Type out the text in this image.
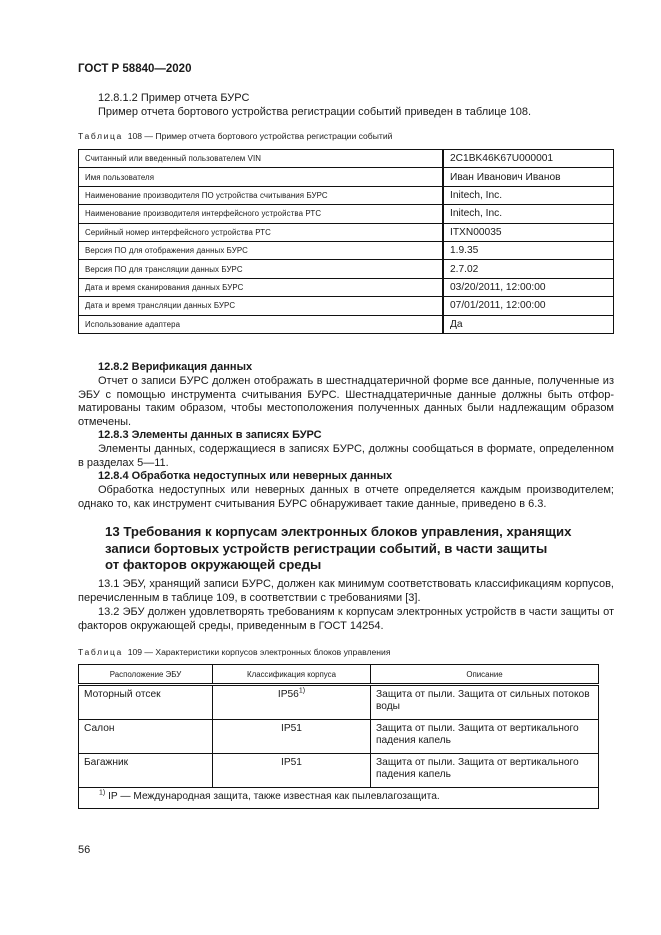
ГОСТ Р 58840—2020
12.8.1.2 Пример отчета БУРС
Пример отчета бортового устройства регистрации событий приведен в таблице 108.
Таблица 108 — Пример отчета бортового устройства регистрации событий
Считанный или введенный пользователем VIN	2C1BK46K67U000001
Имя пользователя	Иван Иванович Иванов
Наименование производителя ПО устройства считывания БУРС	Initech, Inc.
Наименование производителя интерфейсного устройства РТС	Initech, Inc.
Серийный номер интерфейсного устройства РТС	ITXN00035
Версия ПО для отображения данных БУРС	1.9.35
Версия ПО для трансляции данных БУРС	2.7.02
Дата и время сканирования данных БУРС	03/20/2011, 12:00:00
Дата и время трансляции данных БУРС	07/01/2011, 12:00:00
Использование адаптера	Да
12.8.2 Верификация данных
Отчет о записи БУРС должен отображать в шестнадцатеричной форме все данные, полученные из ЭБУ с помощью инструмента считывания БУРС. Шестнадцатеричные данные должны быть отформатированы таким образом, чтобы местоположения полученных данных были надлежащим образом отмечены.
12.8.3 Элементы данных в записях БУРС
Элементы данных, содержащиеся в записях БУРС, должны сообщаться в формате, определенном в разделах 5—11.
12.8.4 Обработка недоступных или неверных данных
Обработка недоступных или неверных данных в отчете определяется каждым производителем; однако то, как инструмент считывания БУРС обнаруживает такие данные, приведено в 6.3.
13 Требования к корпусам электронных блоков управления, хранящих
записи бортовых устройств регистрации событий, в части защиты
от факторов окружающей среды
13.1 ЭБУ, хранящий записи БУРС, должен как минимум соответствовать классификациям корпусов, перечисленным в таблице 109, в соответствии с требованиями [3].
13.2 ЭБУ должен удовлетворять требованиям к корпусам электронных устройств в части защиты от факторов окружающей среды, приведенным в ГОСТ 14254.
Таблица 109 — Характеристики корпусов электронных блоков управления
Расположение ЭБУ	Классификация корпуса	Описание
Моторный отсек	IP56$^{1)}$	Защита от пыли. Защита от сильных потоков воды
Салон	IP51	Защита от пыли. Защита от вертикального падения капель
Багажник	IP51	Защита от пыли. Защита от вертикального падения капель
$^{1)}$ IP — Международная защита, также известная как пылевлагозащита.		
56
